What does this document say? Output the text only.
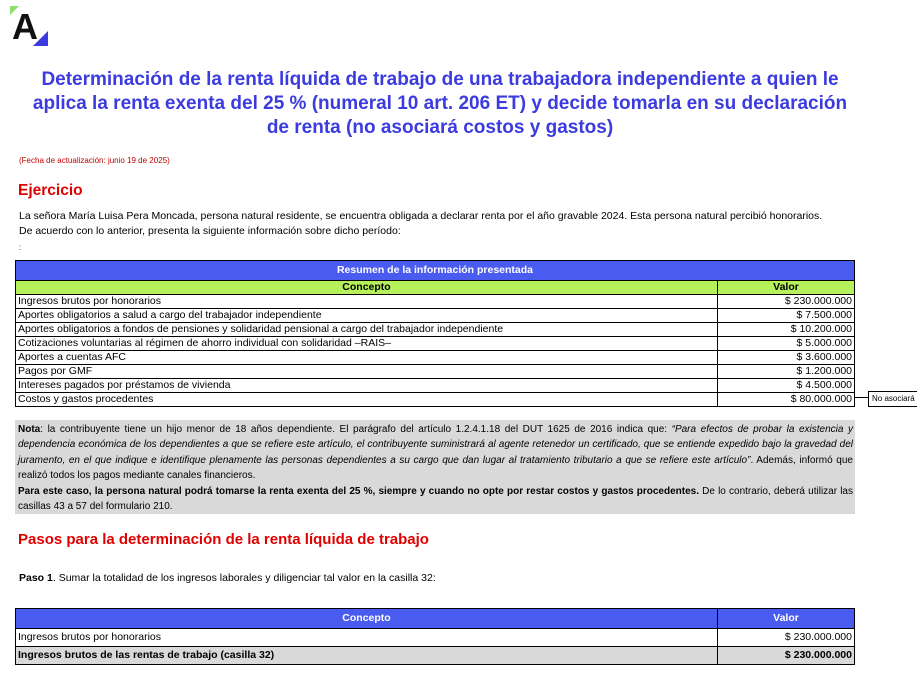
A
Determinación de la renta líquida de trabajo de una trabajadora independiente a quien le aplica la renta exenta del 25 % (numeral 10 art. 206 ET) y decide tomarla en su declaración de renta (no asociará costos y gastos)
(Fecha de actualización: junio 19 de 2025)
Ejercicio
La señora María Luisa Pera Moncada, persona natural residente, se encuentra obligada a declarar renta por el año gravable 2024. Esta persona natural percibió honorarios.
De acuerdo con lo anterior, presenta la siguiente información sobre dicho período:
:
Resumen de la información presentada	
Concepto	Valor
Ingresos brutos por honorarios	$ 230.000.000
Aportes obligatorios a salud a cargo del trabajador independiente	$ 7.500.000
Aportes obligatorios a fondos de pensiones y solidaridad pensional a cargo del trabajador independiente	$ 10.200.000
Cotizaciones voluntarias al régimen de ahorro individual con solidaridad –RAIS–	$ 5.000.000
Aportes a cuentas AFC	$ 3.600.000
Pagos por GMF	$ 1.200.000
Intereses pagados por préstamos de vivienda	$ 4.500.000
Costos y gastos procedentes	$ 80.000.000	No asociará
Nota: la contribuyente tiene un hijo menor de 18 años dependiente. El parágrafo del artículo 1.2.4.1.18 del DUT 1625 de 2016 indica que: “Para efectos de probar la existencia y dependencia económica de los dependientes a que se refiere este artículo, el contribuyente suministrará al agente retenedor un certificado, que se entiende expedido bajo la gravedad del juramento, en el que indique e identifique plenamente las personas dependientes a su cargo que dan lugar al tratamiento tributario a que se refiere este artículo”. Además, informó que realizó todos los pagos mediante canales financieros.
Para este caso, la persona natural podrá tomarse la renta exenta del 25 %, siempre y cuando no opte por restar costos y gastos procedentes. De lo contrario, deberá utilizar las casillas 43 a 57 del formulario 210.
Pasos para la determinación de la renta líquida de trabajo
Paso 1. Sumar la totalidad de los ingresos laborales y diligenciar tal valor en la casilla 32:
Concepto	Valor
Ingresos brutos por honorarios	$ 230.000.000
Ingresos brutos de las rentas de trabajo (casilla 32)	$ 230.000.000
